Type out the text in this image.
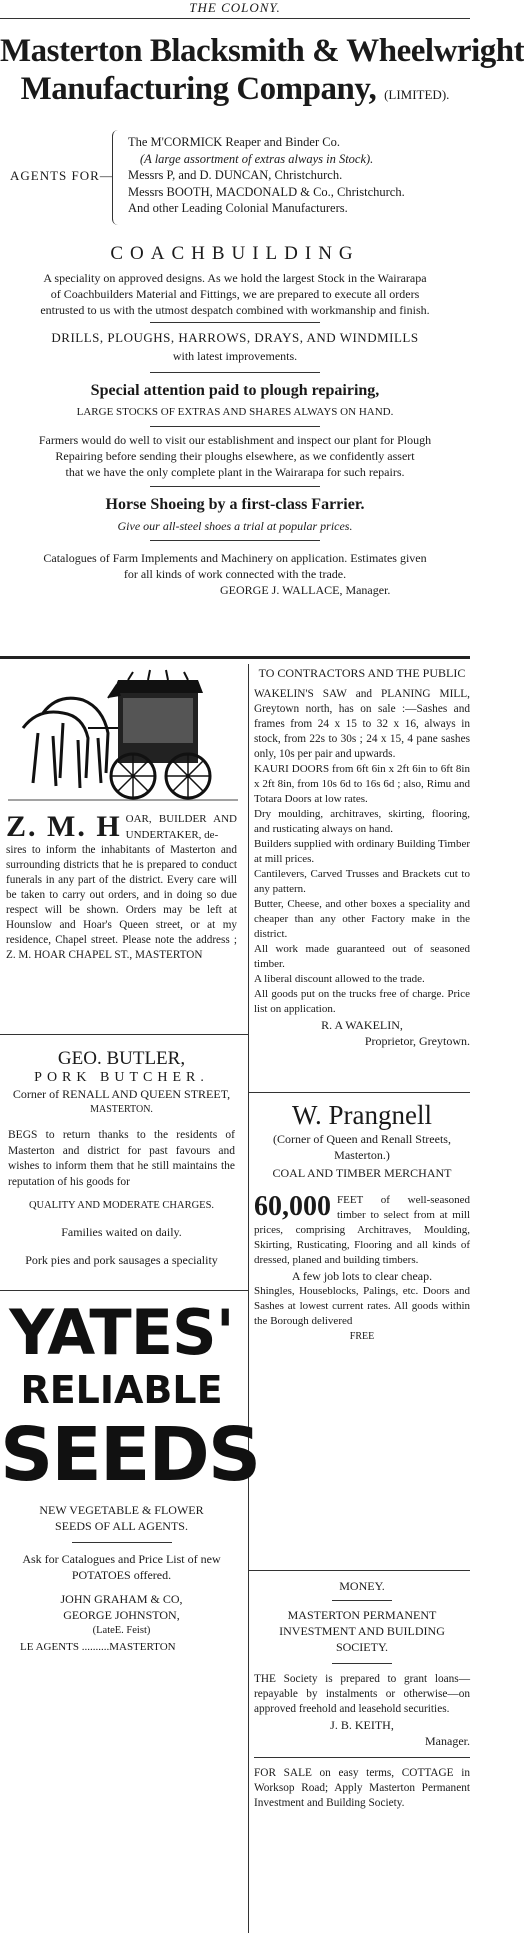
THE COLONY.
Masterton Blacksmith & Wheelwright
Manufacturing Company, (LIMITED).
AGENTS FOR—
The M'CORMICK Reaper and Binder Co.
(A large assortment of extras always in Stock).
Messrs P, and D. DUNCAN, Christchurch.
Messrs BOOTH, MACDONALD & Co., Christchurch.
And other Leading Colonial Manufacturers.
COACHBUILDING
A speciality on approved designs. As we hold the largest Stock in the Wairarapa
of Coachbuilders Material and Fittings, we are prepared to execute all orders
entrusted to us with the utmost despatch combined with workmanship and finish.
DRILLS, PLOUGHS, HARROWS, DRAYS, AND WINDMILLS
with latest improvements.
Special attention paid to plough repairing,
LARGE STOCKS OF EXTRAS AND SHARES ALWAYS ON HAND.
Farmers would do well to visit our establishment and inspect our plant for Plough
Repairing before sending their ploughs elsewhere, as we confidently assert
that we have the only complete plant in the Wairarapa for such repairs.
Horse Shoeing by a first-class Farrier.
Give our all-steel shoes a trial at popular prices.
Catalogues of Farm Implements and Machinery on application. Estimates given
for all kinds of work connected with the trade.
GEORGE J. WALLACE, Manager.
Z. M. H OAR, BUILDER AND UNDERTAKER, de-
sires to inform the inhabitants of Masterton and surrounding districts that he is prepared to conduct funerals in any part of the district. Every care will be taken to carry out orders, and in doing so due respect will be shown. Orders may be left at Hounslow and Hoar's Queen street, or at my residence, Chapel street. Please note the address ; Z. M. HOAR CHAPEL ST., MASTERTON
GEO. BUTLER,
PORK BUTCHER.
Corner of RENALL AND QUEEN STREET,
MASTERTON.
BEGS to return thanks to the residents of Masterton and district for past favours and wishes to inform them that he still maintains the reputation of his goods for
QUALITY AND MODERATE CHARGES.
Families waited on daily.
Pork pies and pork sausages a speciality
YATES'
RELIABLE
SEEDS
NEW VEGETABLE & FLOWER
SEEDS OF ALL AGENTS.
Ask for Catalogues and Price List of new POTATOES offered.
JOHN GRAHAM & CO,
GEORGE JOHNSTON,
(LateE. Feist)
LE AGENTS ..........MASTERTON
TO CONTRACTORS AND THE PUBLIC
WAKELIN'S SAW and PLANING MILL, Greytown north, has on sale :—Sashes and frames from 24 x 15 to 32 x 16, always in stock, from 22s to 30s ; 24 x 15, 4 pane sashes only, 10s per pair and upwards.
KAURI DOORS from 6ft 6in x 2ft 6in to 6ft 8in x 2ft 8in, from 10s 6d to 16s 6d ; also, Rimu and Totara Doors at low rates.
Dry moulding, architraves, skirting, flooring, and rusticating always on hand.
Builders supplied with ordinary Building Timber at mill prices.
Cantilevers, Carved Trusses and Brackets cut to any pattern.
Butter, Cheese, and other boxes a speciality and cheaper than any other Factory make in the district.
All work made guaranteed out of seasoned timber.
A liberal discount allowed to the trade.
All goods put on the trucks free of charge. Price list on application.
R. A WAKELIN,
Proprietor, Greytown.
W. Prangnell
(Corner of Queen and Renall Streets, Masterton.)
COAL AND TIMBER MERCHANT
60,000 FEET of well-seasoned timber to select from at mill prices, comprising Architraves, Moulding, Skirting, Rusticating, Flooring and all kinds of dressed, planed and building timbers.
A few job lots to clear cheap.
Shingles, Houseblocks, Palings, etc. Doors and Sashes at lowest current rates. All goods within the Borough delivered
FREE
MONEY.
MASTERTON PERMANENT INVESTMENT AND BUILDING SOCIETY.
THE Society is prepared to grant loans—repayable by instalments or otherwise—on approved freehold and leasehold securities.
J. B. KEITH,
Manager.
FOR SALE on easy terms, COTTAGE in Worksop Road; Apply Masterton Permanent Investment and Building Society.
